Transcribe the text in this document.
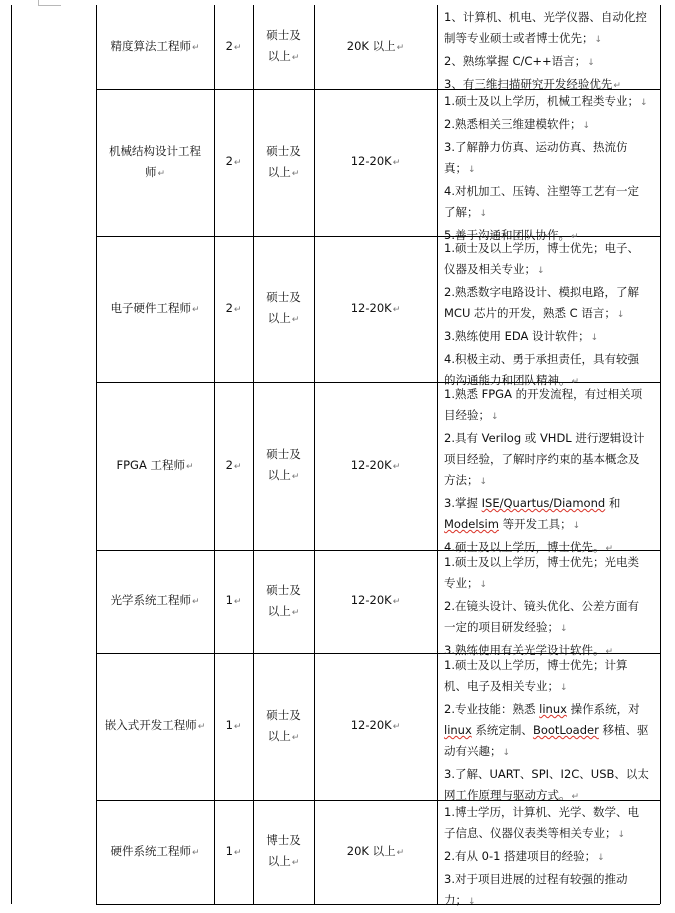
精度算法工程师↵ 2↵
硕士及
以上↵
20K 以上↵
1、计算机、机电、光学仪器、自动化控
制等专业硕士或者博士优先；↓
2、熟练掌握 C/C++语言；↓
3、有三维扫描研究开发经验优先↵
机械结构设计工程
师↵
2↵
硕士及
以上↵
12-20K↵
1.硕士及以上学历，机械工程类专业；↓
2.熟悉相关三维建模软件；↓
3.了解静力仿真、运动仿真、热流仿
真；↓
4.对机加工、压铸、注塑等工艺有一定
了解；↓
5.善于沟通和团队协作。↵
电子硬件工程师↵ 2↵
硕士及
以上↵
12-20K↵
1.硕士及以上学历，博士优先；电子、
仪器及相关专业；↓
2.熟悉数字电路设计、模拟电路，了解
MCU 芯片的开发，熟悉 C 语言；↓
3.熟练使用 EDA 设计软件；↓
4.积极主动、勇于承担责任，具有较强
的沟通能力和团队精神。↵
FPGA 工程师↵	2↵
硕士及
以上↵
12-20K↵
1.熟悉 FPGA 的开发流程，有过相关项
目经验；↓
2.具有 Verilog 或 VHDL 进行逻辑设计
项目经验，了解时序约束的基本概念及
方法；↓
3.掌握 ISE/Quartus/Diamond 和
Modelsim 等开发工具；↓
4.硕士及以上学历，博士优先。↵
光学系统工程师↵ 1↵
硕士及
以上↵
12-20K↵
1.硕士及以上学历，博士优先；光电类
专业；↓
2.在镜头设计、镜头优化、公差方面有
一定的项目研发经验；↓
3.熟练使用有关光学设计软件。↵
嵌入式开发工程师↵ 1↵
硕士及
以上↵
12-20K↵
1.硕士及以上学历，博士优先；计算
机、电子及相关专业；↓
2.专业技能：熟悉 linux 操作系统，对
linux 系统定制、BootLoader 移植、驱
动有兴趣；↓
3.了解、UART、SPI、I2C、USB、以太
网工作原理与驱动方式。↵
硬件系统工程师↵ 1↵
博士及
以上↵
20K 以上↵
1.博士学历，计算机、光学、数学、电
子信息、仪器仪表类等相关专业；↓
2.有从 0-1 搭建项目的经验；↓
3.对于项目进展的过程有较强的推动
力；↓
